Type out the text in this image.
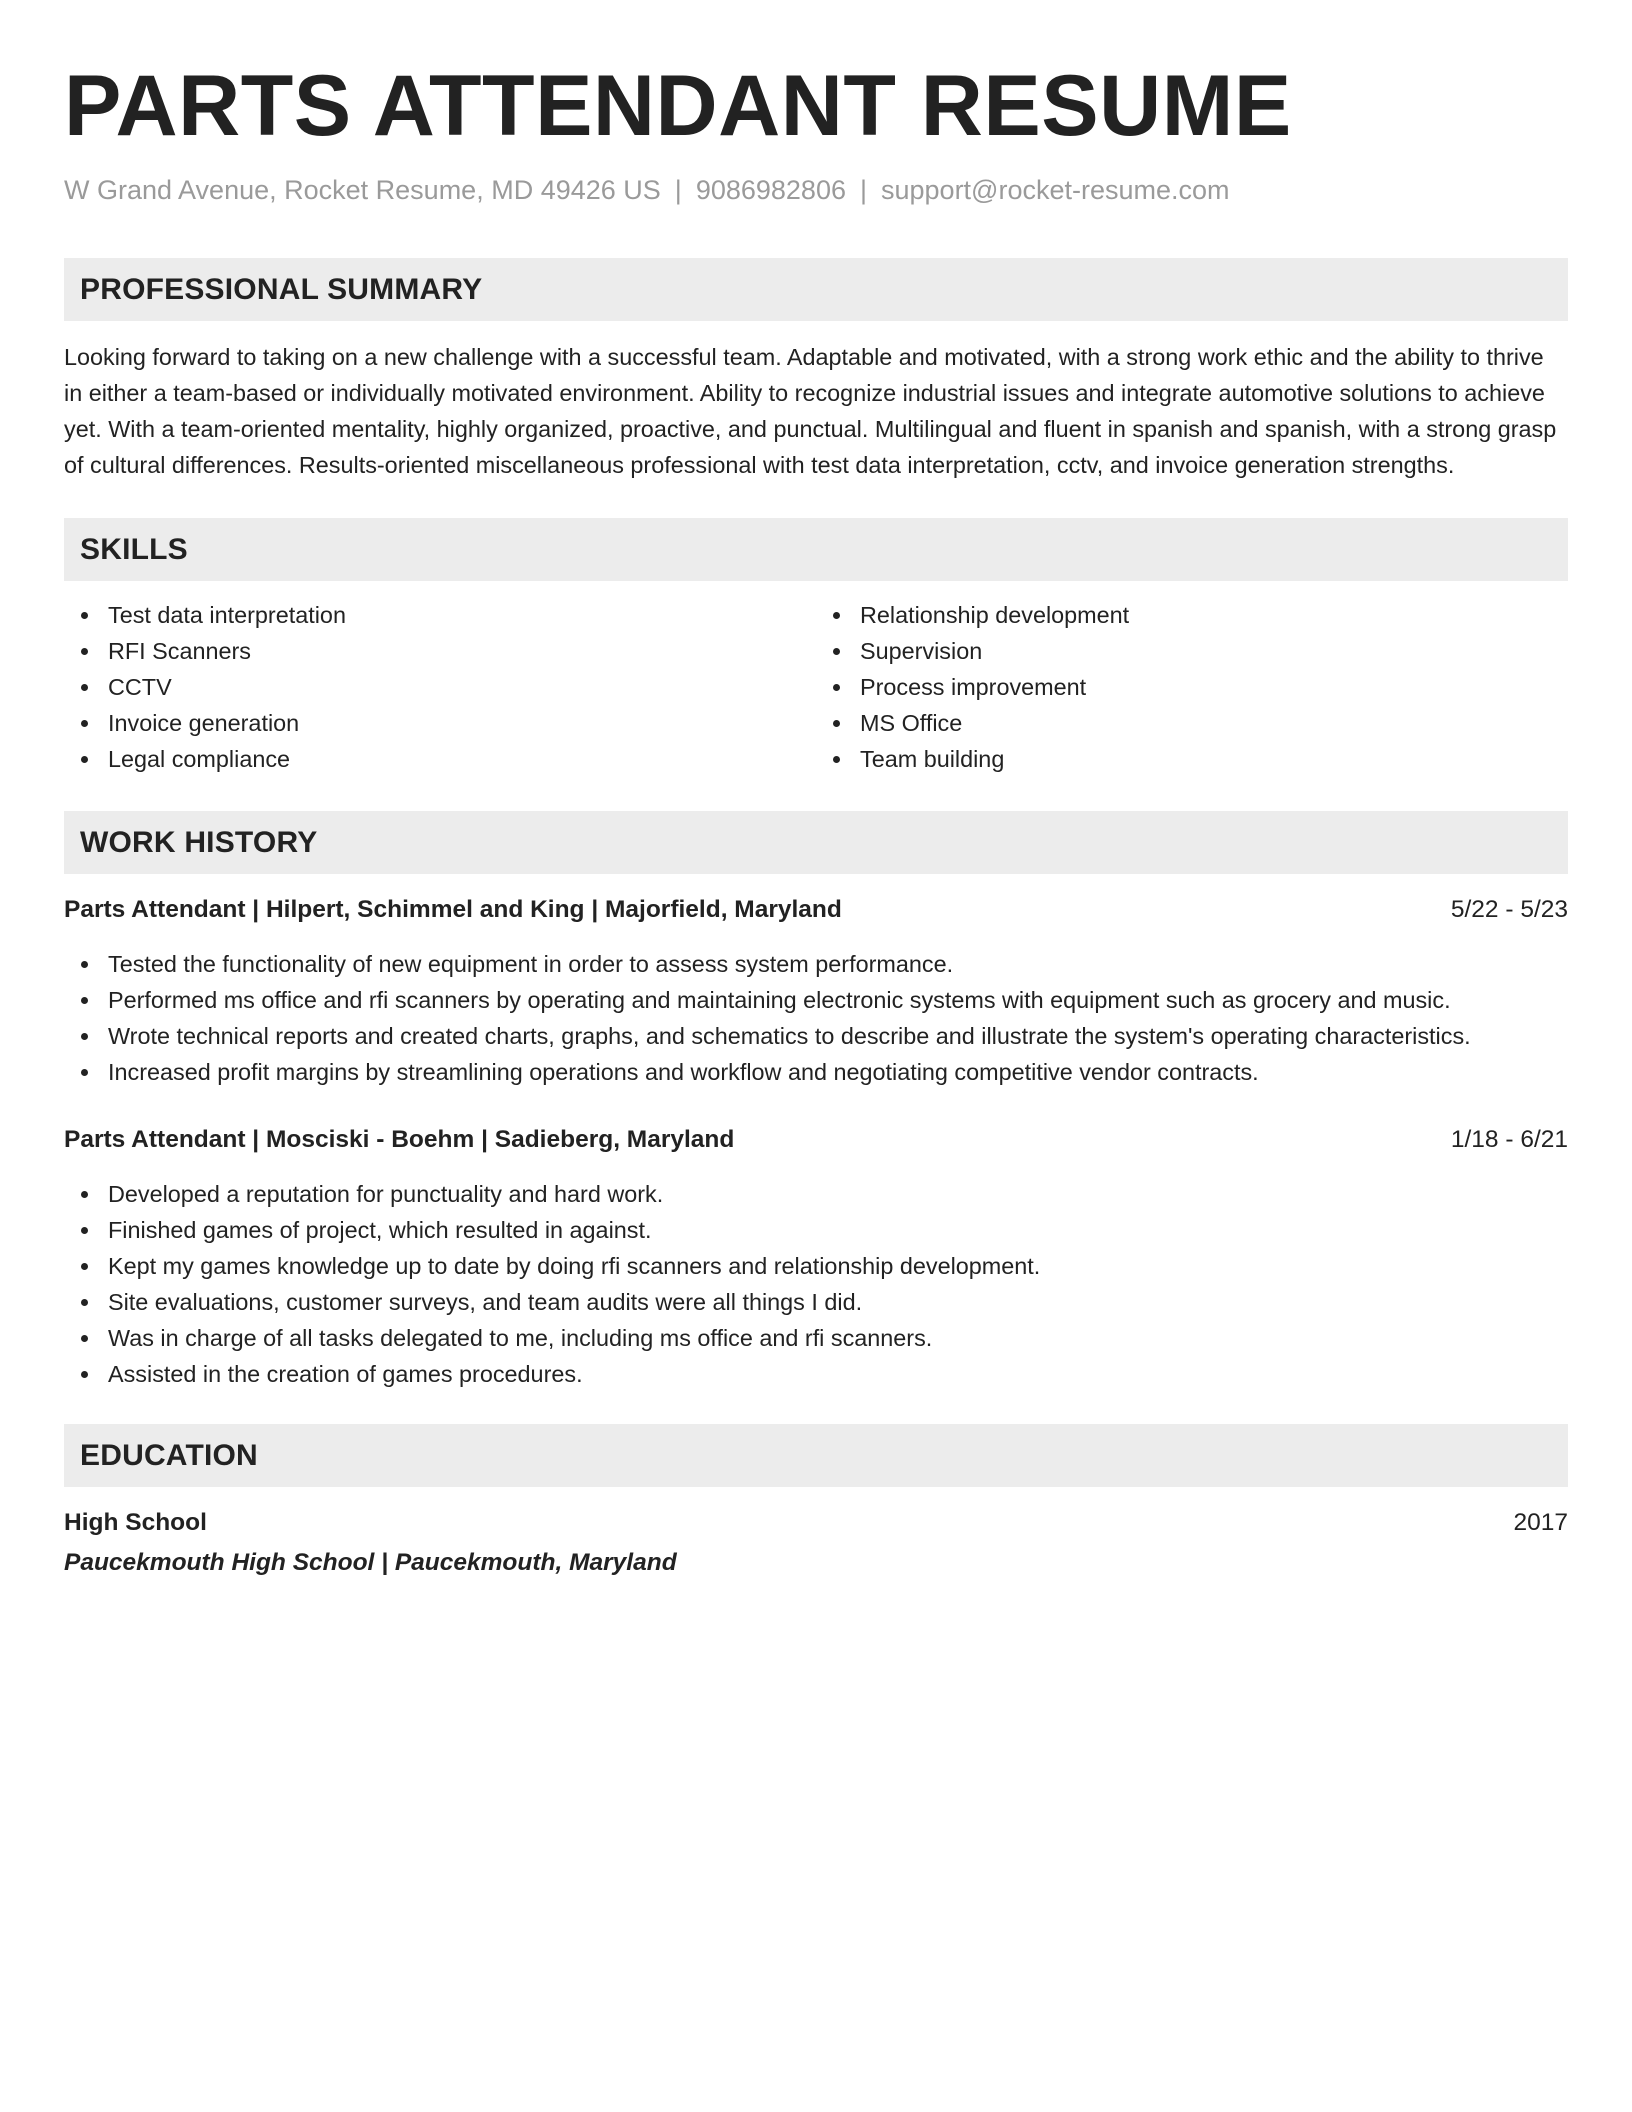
PARTS ATTENDANT RESUME
W Grand Avenue, Rocket Resume, MD 49426 US | 9086982806 | support@rocket-resume.com
PROFESSIONAL SUMMARY

Looking forward to taking on a new challenge with a successful team. Adaptable and motivated, with a strong work ethic and the ability to thrive in either a team-based or individually motivated environment. Ability to recognize industrial issues and integrate automotive solutions to achieve yet. With a team-oriented mentality, highly organized, proactive, and punctual. Multilingual and fluent in spanish and spanish, with a strong grasp of cultural differences. Results-oriented miscellaneous professional with test data interpretation, cctv, and invoice generation strengths.

SKILLS
Test data interpretation
RFI Scanners
CCTV
Invoice generation
Legal compliance
Relationship development
Supervision
Process improvement
MS Office
Team building
WORK HISTORY
Parts Attendant | Hilpert, Schimmel and King | Majorfield, Maryland	5/22 - 5/23
Tested the functionality of new equipment in order to assess system performance.
Performed ms office and rfi scanners by operating and maintaining electronic systems with equipment such as grocery and music.
Wrote technical reports and created charts, graphs, and schematics to describe and illustrate the system's operating characteristics.
Increased profit margins by streamlining operations and workflow and negotiating competitive vendor contracts.
Parts Attendant | Mosciski - Boehm | Sadieberg, Maryland	1/18 - 6/21
Developed a reputation for punctuality and hard work.
Finished games of project, which resulted in against.
Kept my games knowledge up to date by doing rfi scanners and relationship development.
Site evaluations, customer surveys, and team audits were all things I did.
Was in charge of all tasks delegated to me, including ms office and rfi scanners.
Assisted in the creation of games procedures.
EDUCATION
High School	2017
Paucekmouth High School | Paucekmouth, Maryland
